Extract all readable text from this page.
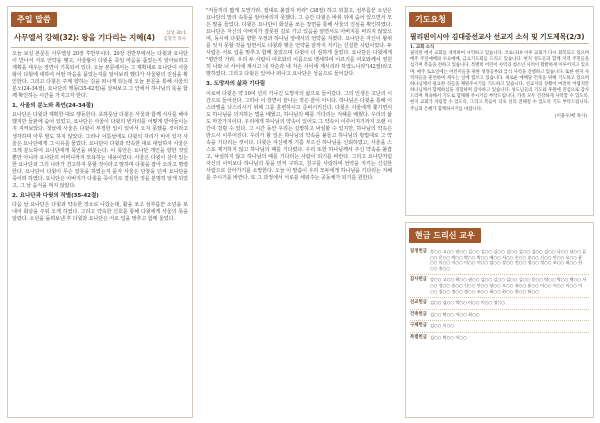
주일 말씀
사무엘서 강해(32): 왕을 기다리는 지혜(4)	삼상 30:1
김형국 목사

오늘 보실 본문은 사무엘상 20장 후반부이다. 20장 전반부에서는 다윗과 요나단이 만나서 서로 언약을 맺고, 사울왕이 다윗을 죽일 마음을 품었는지 알아보려고 계획을 세우는 장면이 기록되어 있다. 오늘 본문에서는 그 계획대로 요나단이 사울왕이 다윗에 대하여 어떤 마음을 품었는지를 알아보려 했다가 사울왕의 진심을 확인한다. 그리고 다윗은 주께 향하는 길을 떠나게 되는데 오늘 본문을 통해 사울의 분노(24-34절), 요나단의 행동(35-42절)을 살펴보고 그 안에서 하나님의 뜻을 함께 확인하는 시간을 가지고자 한다.

1. 사울의 분노와 폭언(24-34절)

요나단은 다윗과 계획한 대로 행동한다. 초하룻날 다윗은 사울과 함께 식사를 해야 했지만 들판에 숨어 있었고, 요나단은 사울이 다윗의 빈자리를 어떻게 받아들이는지 지켜보았다. 첫날에 사울은 다윗이 부정한 일이 있어서 오지 못했을 것이라고 생각하며 아무 말도 하지 않았다. 그러나 이튿날에도 다윗의 자리가 비어 있자 사울은 요나단에게 그 이유를 물었다. 요나단이 다윗과 약속한 대로 대답하자 사울은 크게 분노하여 요나단에게 폭언을 퍼붓는다. 이 폭언은 요나단 개인을 향한 것일 뿐만 아니라 요나단의 어머니까지 모욕하는 내용이었다. 사울은 다윗이 살아 있는 한 요나단과 그의 나라가 견고하지 못할 것이라고 말하며 다윗을 잡아 오라고 명령한다. 요나단이 다윗이 무슨 잘못을 하였는지 묻자 사울은 단창을 던져 요나단을 죽이려 하였다. 요나단은 아버지가 다윗을 죽이기로 결심한 것을 분명히 알게 되었고, 그 날 음식을 먹지 않았다.

2. 요나단과 다윗의 작별(35-42절)

다음 날 요나단은 다윗과 약속한 장소로 나갔는데, 활을 쏘고 심부름꾼 소년을 보내어 화살을 주워 오게 하였다. 그리고 약속한 신호를 통해 다윗에게 사울의 뜻을 알렸다. 소년을 돌려보낸 후 다윗과 요나단은 서로 입을 맞추고 함께 울었다.

"저들끼리 짧게 도망가라. 절대로 붙잡지 마라" (38절) 하고 외쳤고, 심부름꾼 소년은 요나단의 말의 속뜻을 알아차리지 못했다. 그 순간 다윗은 바위 뒤에 숨어 있으면서 모든 말을 들었다. 다윗은 요나단이 화살을 쏘는 장면을 통해 사울의 진심을 확인하였다. 요나단은 자신의 아버지가 잘못된 길로 가고 있음을 알면서도 아버지를 버리지 않았으며, 동시에 다윗을 향한 우정과 하나님 앞에서의 언약을 지켰다. 요나단은 자신이 왕위를 잇지 못할 것을 알면서도 다윗과 맺은 언약을 끝까지 지키는 신실한 사람이었다. 두 사람은 서로 입을 맞추고 함께 울었으며 다윗이 더 심하게 울었다. 요나단은 다윗에게 "평안히 가라. 우리 두 사람이 여호와의 이름으로 맹세하여 이르기를 여호와께서 영원히 나와 너 사이에 계시고 내 자손과 네 자손 사이에 계시리라 하였느니라"(42절)라고 말하였다. 그리고 다윗은 일어나 떠나고 요나단은 성읍으로 들어갔다.

3. 도망자의 삶과 기다림

이로써 다윗은 약 10여 년의 기나긴 도망자의 삶으로 들어갔다. 그의 인생은 고난의 시간으로 들어선다. 그러나 이 장면이 끝나는 것은 끝이 아니다. 하나님은 다윗을 통해 이스라엘을 다스리시기 위해 그를 훈련하시고 준비시키신다. 다윗은 사울에게 쫓기면서도 하나님을 의지하는 법을 배웠고, 하나님의 때를 기다리는 지혜를 배웠다. 우리의 삶도 마찬가지이다. 우리에게 하나님의 약속이 있어도 그 약속이 이루어지기까지 오랜 시간이 걸릴 수 있다. 그 시간 동안 우리는 실망하고 낙심할 수 있지만, 하나님의 약속은 반드시 이루어진다. 우리가 할 일은 하나님의 약속을 붙들고 하나님의 방법대로 그 약속을 기다리는 것이다. 다윗은 자신에게 기름 부으신 하나님을 신뢰하였고, 사울을 스스로 제거하지 않고 하나님의 때를 기다렸다. 우리 또한 하나님께서 주신 약속을 붙잡고, 낙심하지 않고 하나님의 때를 기다리는 사람이 되기를 바란다. 그리고 요나단처럼 자신의 이익보다 하나님의 뜻을 먼저 구하고, 친구를 사랑하며 언약을 지키는 신실한 사람으로 살아가기를 소망한다. 오늘 이 말씀이 우리 모두에게 하나님을 기다리는 지혜를 주시기를 바란다. 또 그 과정에서 서로를 세워주는 공동체가 되기를 원한다.

기도요청
필리핀이시아 김대중선교사 선교지 소식 및 기도제목(2/3)
1. 교회 소식

필리핀 에서 교회를 개척하여 사역하고 있습니다. 코로나19 이후 교회가 다시 회복되고 있으며 매주 주일예배와 수요예배, 금요기도회를 드리고 있습니다. 현지 성도들과 함께 지역 주민들을 섬기며 복음을 전하고 있습니다. 특별히 어린이 사역과 청소년 사역이 활발하게 이루어지고 있으며, 매주 토요일에는 어린이들을 위한 성경공부와 급식 사역을 진행하고 있습니다. 또한 현지 사역자들을 훈련하여 세우는 일에 힘쓰고 있습니다. 새로운 예배당 건축을 위해 기도하고 있으며 하나님께서 필요한 것들을 채워주시기를 기도하고 있습니다. 선교지의 상황이 여전히 어렵지만 하나님께서 함께하심을 경험하며 감사하고 있습니다. 성도님들의 기도와 후원에 진심으로 감사드리며 계속해서 기도로 함께해 주시기를 부탁드립니다. 가족 모두 건강하게 사역할 수 있도록, 현지 교회가 자립할 수 있도록, 그리고 복음이 더욱 널리 전해질 수 있도록 기도 부탁드립니다. 주님의 은혜가 함께하시기를 바랍니다.

(이용우/배 목사)
현금 드리신 교우
일정헌금 강○○ 고○○ 권○○ 김○○ 김○○ 김○○ 김○○ 김○○ 김○○ 김○○ 나○○ 남○○ 류○○ 문○○ 박○○ 박○○ 박○○ 배○○ 서○○ 손○○ 송○○ 신○○ 안○○ 오○○ 윤○○ 이○○ 이○○ 이○○ 이○○ 임○○ 장○○ 전○○ 정○○ 정○○ 조○○ 최○○ 한○○ 홍○○
감사헌금 강○○ 고○○ 곽○○ 권○○ 김○○ 김○○ 김○○ 김○○ 문○○ 박○○ 박○○ 백○○ 서○○ 성○○ 송○○ 신○○ 안○○ 양○○ 오○○ 유○○ 윤○○ 이○○ 이○○ 이○○ 이○○ 장○○ 정○○ 정○○ 조○○ 최○○ 최○○ 한○○ 허○○
선교헌금 김○○ 김○○ 박○○ 이○○ 이○○ 정○○
건축헌금 김○○ 박○○ 이○○ 최○○
구제헌금 김○○ 이○○
특별헌금 김○○ 박○○ 이○○
